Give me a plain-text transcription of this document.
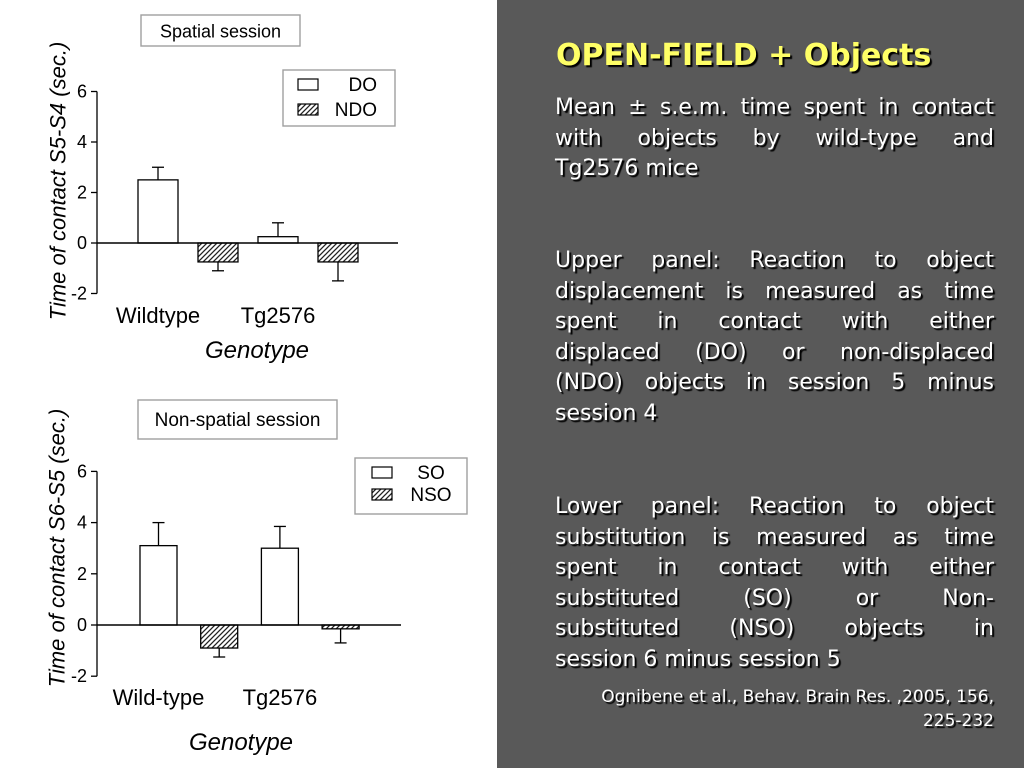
Spatial session
6
4
2
0
-2
Wildtype Tg2576
Genotype
Time of contact S5-S4 (sec.)	DO
NDO
Non-spatial session
6
4
2
0
-2
Wild-type Tg2576
Genotype
Time of contact S6-S5 (sec.)	SO
NSO
OPEN-FIELD + Objects
Mean ± s.e.m. time spent in contact
with objects by wild-type and
Tg2576 mice
Upper panel: Reaction to object
displacement is measured as time
spent in contact with either
displaced (DO) or non-displaced
(NDO) objects in session 5 minus
session 4
Lower panel: Reaction to object
substitution is measured as time
spent in contact with either
substituted (SO) or Non-
substituted (NSO) objects in
session 6 minus session 5
Ognibene et al., Behav. Brain Res. ,2005, 156,
225-232
